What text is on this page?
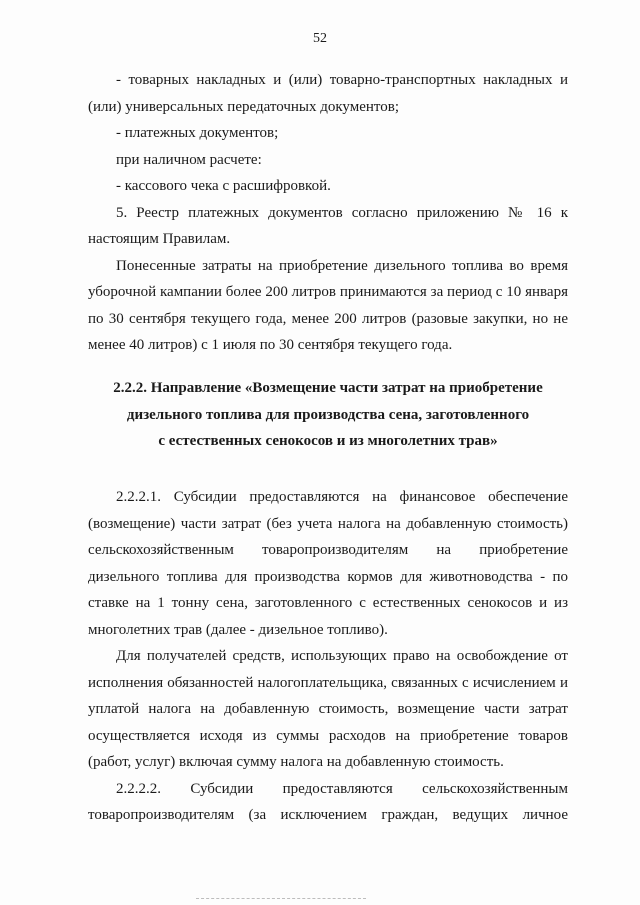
52

- товарных накладных и (или) товарно-транспортных накладных и (или) универсальных передаточных документов;

- платежных документов;

при наличном расчете:

- кассового чека с расшифровкой.

5. Реестр платежных документов согласно приложению № 16 к настоящим Правилам.

Понесенные затраты на приобретение дизельного топлива во время уборочной кампании более 200 литров принимаются за период с 10 января по 30 сентября текущего года, менее 200 литров (разовые закупки, но не менее 40 литров) с 1 июля по 30 сентября текущего года.

2.2.2. Направление «Возмещение части затрат на приобретение
дизельного топлива для производства сена, заготовленного
с естественных сенокосов и из многолетних трав»

2.2.2.1. Субсидии предоставляются на финансовое обеспечение (возмещение) части затрат (без учета налога на добавленную стоимость) сельскохозяйственным товаропроизводителям на приобретение дизельного топлива для производства кормов для животноводства - по ставке на 1 тонну сена, заготовленного с естественных сенокосов и из многолетних трав (далее - дизельное топливо).

Для получателей средств, использующих право на освобождение от исполнения обязанностей налогоплательщика, связанных с исчислением и уплатой налога на добавленную стоимость, возмещение части затрат осуществляется исходя из суммы расходов на приобретение товаров (работ, услуг) включая сумму налога на добавленную стоимость.

2.2.2.2. Субсидии предоставляются сельскохозяйственным товаропроизводителям (за исключением граждан, ведущих личное
